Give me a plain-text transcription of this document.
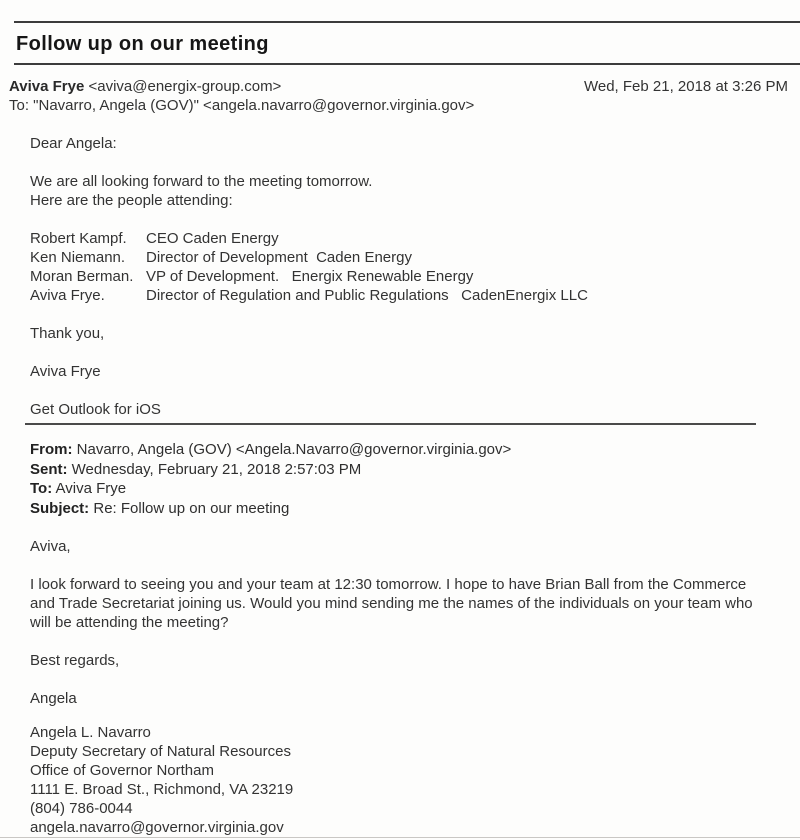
Follow up on our meeting
Aviva Frye <aviva@energix-group.com>	Wed, Feb 21, 2018 at 3:26 PM
To: "Navarro, Angela (GOV)" <angela.navarro@governor.virginia.gov>
Dear Angela:
We are all looking forward to the meeting tomorrow.
Here are the people attending:
Robert Kampf.	CEO Caden Energy
Ken Niemann.	Director of Development  Caden Energy
Moran Berman. VP of Development.   Energix Renewable Energy
Aviva Frye.	Director of Regulation and Public Regulations   CadenEnergix LLC
Thank you,
Aviva Frye
Get Outlook for iOS
From: Navarro, Angela (GOV) <Angela.Navarro@governor.virginia.gov>
Sent: Wednesday, February 21, 2018 2:57:03 PM
To: Aviva Frye
Subject: Re: Follow up on our meeting
Aviva,
I look forward to seeing you and your team at 12:30 tomorrow. I hope to have Brian Ball from the Commerce and Trade Secretariat joining us. Would you mind sending me the names of the individuals on your team who will be attending the meeting?
Best regards,
Angela
Angela L. Navarro
Deputy Secretary of Natural Resources
Office of Governor Northam
1111 E. Broad St., Richmond, VA 23219
(804) 786-0044
angela.navarro@governor.virginia.gov
